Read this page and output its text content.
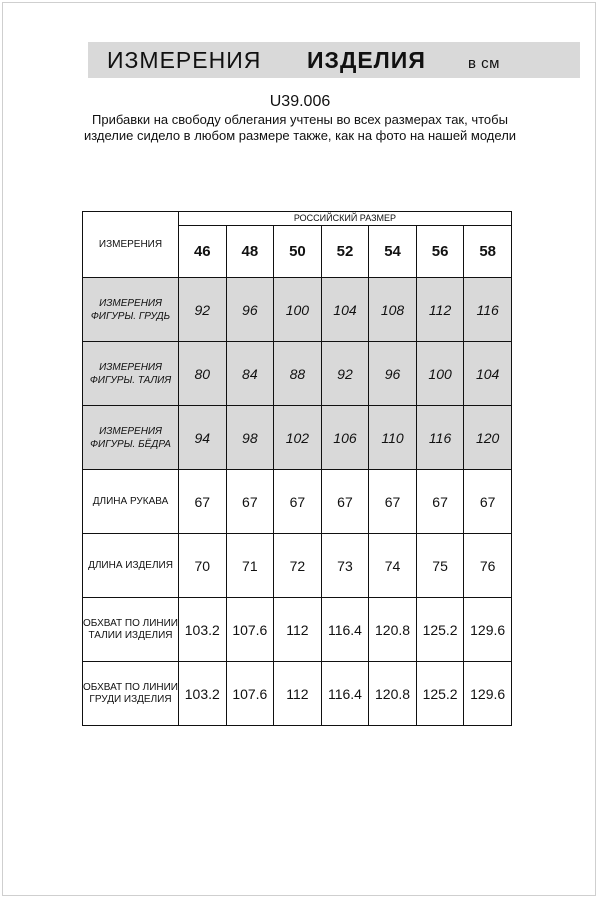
ИЗМЕРЕНИЯ ИЗДЕЛИЯ	в см
U39.006
Прибавки на свободу облегания учтены во всех размерах так, чтобы изделие сидело в любом размере также, как на фото на нашей модели
ИЗМЕРЕНИЯ	РОССИЙСКИЙ РАЗМЕР						
	46	48	50	52	54	56	58
ИЗМЕРЕНИЯ ФИГУРЫ. ГРУДЬ	92	96	100	104	108	112	116
ИЗМЕРЕНИЯ ФИГУРЫ. ТАЛИЯ	80	84	88	92	96	100	104
ИЗМЕРЕНИЯ ФИГУРЫ. БЁДРА	94	98	102	106	110	116	120
ДЛИНА РУКАВА	67	67	67	67	67	67	67
ДЛИНА ИЗДЕЛИЯ	70	71	72	73	74	75	76
ОБХВАТ ПО ЛИНИИ ТАЛИИ ИЗДЕЛИЯ	103.2	107.6	112	116.4	120.8	125.2	129.6
ОБХВАТ ПО ЛИНИИ ГРУДИ ИЗДЕЛИЯ	103.2	107.6	112	116.4	120.8	125.2	129.6
